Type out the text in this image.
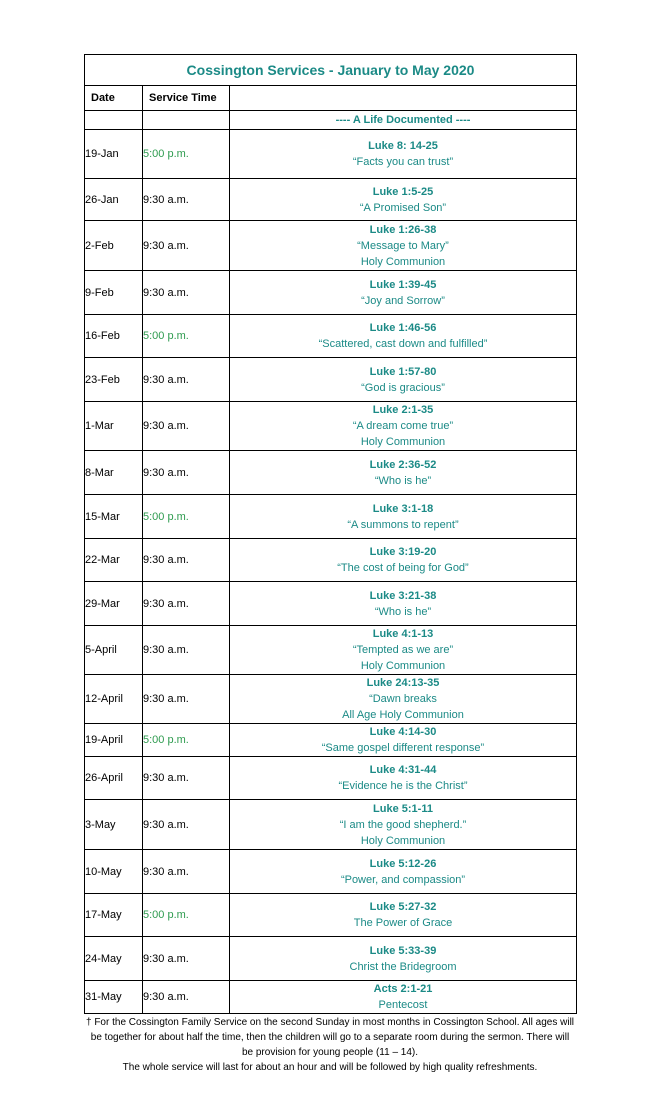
Cossington Services - January to May 2020		
Date	Service Time	
		---- A Life Documented ----
19-Jan	5:00 p.m.	Luke 8: 14-25
“Facts you can trust”

26-Jan	9:30 a.m.	Luke 1:5-25
“A Promised Son”

2-Feb	9:30 a.m.	Luke 1:26-38
“Message to Mary”
Holy Communion

9-Feb	9:30 a.m.	Luke 1:39-45
“Joy and Sorrow”

16-Feb	5:00 p.m.	Luke 1:46-56
“Scattered, cast down and fulfilled”

23-Feb	9:30 a.m.	Luke 1:57-80
“God is gracious”

1-Mar	9:30 a.m.	Luke 2:1-35
“A dream come true”
Holy Communion

8-Mar	9:30 a.m.	Luke 2:36-52
“Who is he”

15-Mar	5:00 p.m.	Luke 3:1-18
“A summons to repent”

22-Mar	9:30 a.m.	Luke 3:19-20
“The cost of being for God”

29-Mar	9:30 a.m.	Luke 3:21-38
“Who is he”

5-April	9:30 a.m.	Luke 4:1-13
“Tempted as we are”
Holy Communion

12-April	9:30 a.m.	Luke 24:13-35
“Dawn breaks
All Age Holy Communion

19-April	5:00 p.m.	Luke 4:14-30
“Same gospel different response”

26-April	9:30 a.m.	Luke 4:31-44
“Evidence he is the Christ”

3-May	9:30 a.m.	Luke 5:1-11
“I am the good shepherd.”
Holy Communion

10-May	9:30 a.m.	Luke 5:12-26
“Power, and compassion”

17-May	5:00 p.m.	Luke 5:27-32
The Power of Grace

24-May	9:30 a.m.	Luke 5:33-39
Christ the Bridegroom

31-May	9:30 a.m.	Acts 2:1-21
Pentecost
† For the Cossington Family Service on the second Sunday in most months in Cossington School. All ages will be together for about half the time, then the children will go to a separate room during the sermon. There will be provision for young people (11 – 14).
The whole service will last for about an hour and will be followed by high quality refreshments.
